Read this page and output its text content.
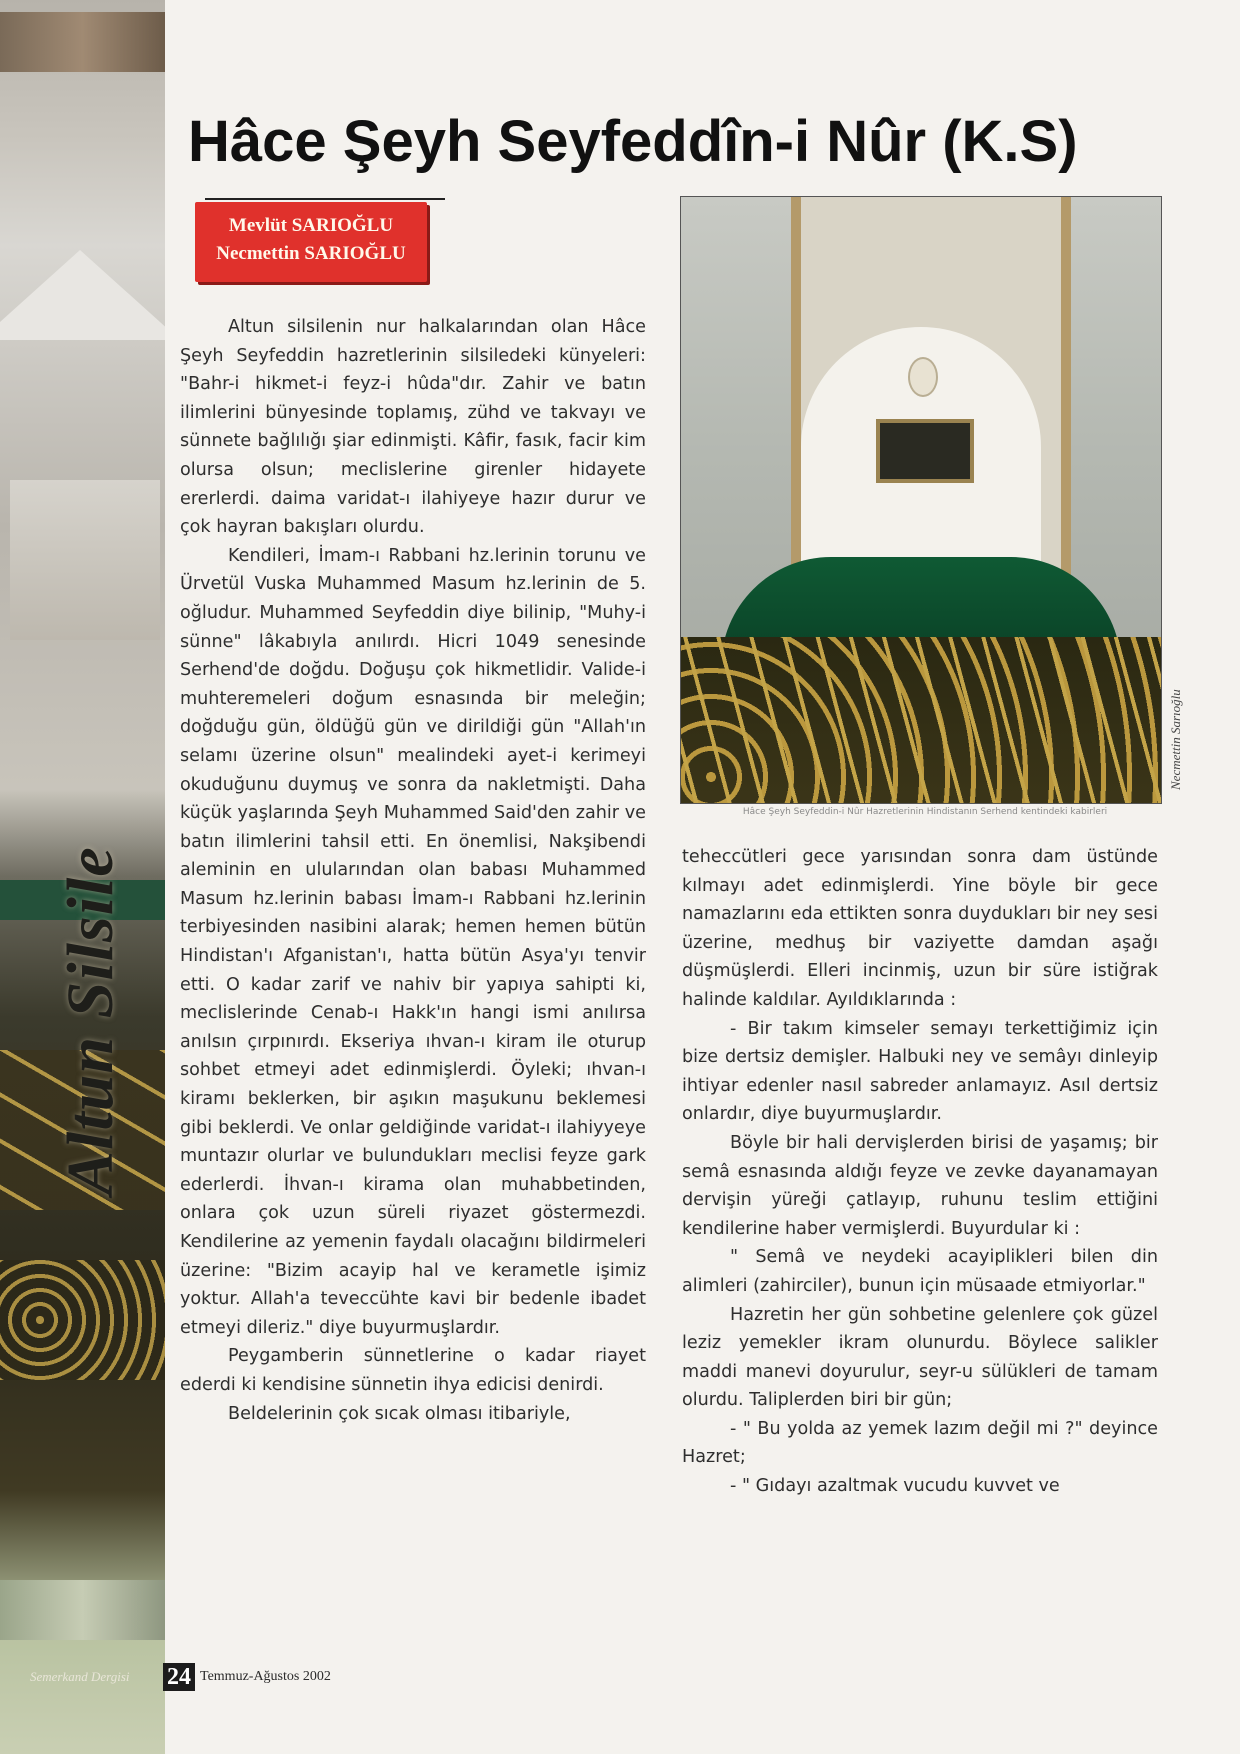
Altun Silsile
Hâce Şeyh Seyfeddîn-i Nûr (K.S)
Mevlüt SARIOĞLU
Necmettin SARIOĞLU

Altun silsilenin nur halkalarından olan Hâce Şeyh Seyfeddin hazretlerinin silsiledeki künyeleri: "Bahr-i hikmet-i feyz-i hûda"dır. Zahir ve batın ilimlerini bünyesinde toplamış, zühd ve takvayı ve sünnete bağlılığı şiar edinmişti. Kâfir, fasık, facir kim olursa olsun; meclislerine girenler hidayete ererlerdi. daima varidat-ı ilahiyeye hazır durur ve çok hayran bakışları olurdu.

Kendileri, İmam-ı Rabbani hz.lerinin torunu ve Ürvetül Vuska Muhammed Masum hz.lerinin de 5. oğludur. Muhammed Seyfeddin diye bilinip, "Muhy-i sünne" lâkabıyla anılırdı. Hicri 1049 senesinde Serhend'de doğdu. Doğuşu çok hikmetlidir. Valide-i muhteremeleri doğum esnasında bir meleğin; doğduğu gün, öldüğü gün ve dirildiği gün "Allah'ın selamı üzerine olsun" mealindeki ayet-i kerimeyi okuduğunu duymuş ve sonra da nakletmişti. Daha küçük yaşlarında Şeyh Muhammed Said'den zahir ve batın ilimlerini tahsil etti. En önemlisi, Nakşibendi aleminin en ulularından olan babası Muhammed Masum hz.lerinin babası İmam-ı Rabbani hz.lerinin terbiyesinden nasibini alarak; hemen hemen bütün Hindistan'ı Afganistan'ı, hatta bütün Asya'yı tenvir etti. O kadar zarif ve nahiv bir yapıya sahipti ki, meclislerinde Cenab-ı Hakk'ın hangi ismi anılırsa anılsın çırpınırdı. Ekseriya ıhvan-ı kiram ile oturup sohbet etmeyi adet edinmişlerdi. Öyleki; ıhvan-ı kiramı beklerken, bir aşıkın maşukunu beklemesi gibi beklerdi. Ve onlar geldiğinde varidat-ı ilahiyyeye muntazır olurlar ve bulundukları meclisi feyze gark ederlerdi. İhvan-ı kirama olan muhabbetinden, onlara çok uzun süreli riyazet göstermezdi. Kendilerine az yemenin faydalı olacağını bildirmeleri üzerine: "Bizim acayip hal ve kerametle işimiz yoktur. Allah'a teveccühte kavi bir bedenle ibadet etmeyi dileriz." diye buyurmuşlardır.

Peygamberin sünnetlerine o kadar riayet ederdi ki kendisine sünnetin ihya edicisi denirdi.

Beldelerinin çok sıcak olması itibariyle,

Necmettin Sarıoğlu
Hâce Şeyh Seyfeddin-i Nûr Hazretlerinin Hindistanın Serhend kentindeki kabirleri

teheccütleri gece yarısından sonra dam üstünde kılmayı adet edinmişlerdi. Yine böyle bir gece namazlarını eda ettikten sonra duydukları bir ney sesi üzerine, medhuş bir vaziyette damdan aşağı düşmüşlerdi. Elleri incinmiş, uzun bir süre istiğrak halinde kaldılar. Ayıldıklarında :

- Bir takım kimseler semayı terkettiğimiz için bize dertsiz demişler. Halbuki ney ve semâyı dinleyip ihtiyar edenler nasıl sabreder anlamayız. Asıl dertsiz onlardır, diye buyurmuşlardır.

Böyle bir hali dervişlerden birisi de yaşamış; bir semâ esnasında aldığı feyze ve zevke dayanamayan dervişin yüreği çatlayıp, ruhunu teslim ettiğini kendilerine haber vermişlerdi. Buyurdular ki :

" Semâ ve neydeki acayiplikleri bilen din alimleri (zahirciler), bunun için müsaade etmiyorlar."

Hazretin her gün sohbetine gelenlere çok güzel leziz yemekler ikram olunurdu. Böylece salikler maddi manevi doyurulur, seyr-u sülükleri de tamam olurdu. Taliplerden biri bir gün;

- " Bu yolda az yemek lazım değil mi ?" deyince Hazret;

- " Gıdayı azaltmak vucudu kuvvet ve

Semerkand Dergisi 24 Temmuz-Ağustos 2002
